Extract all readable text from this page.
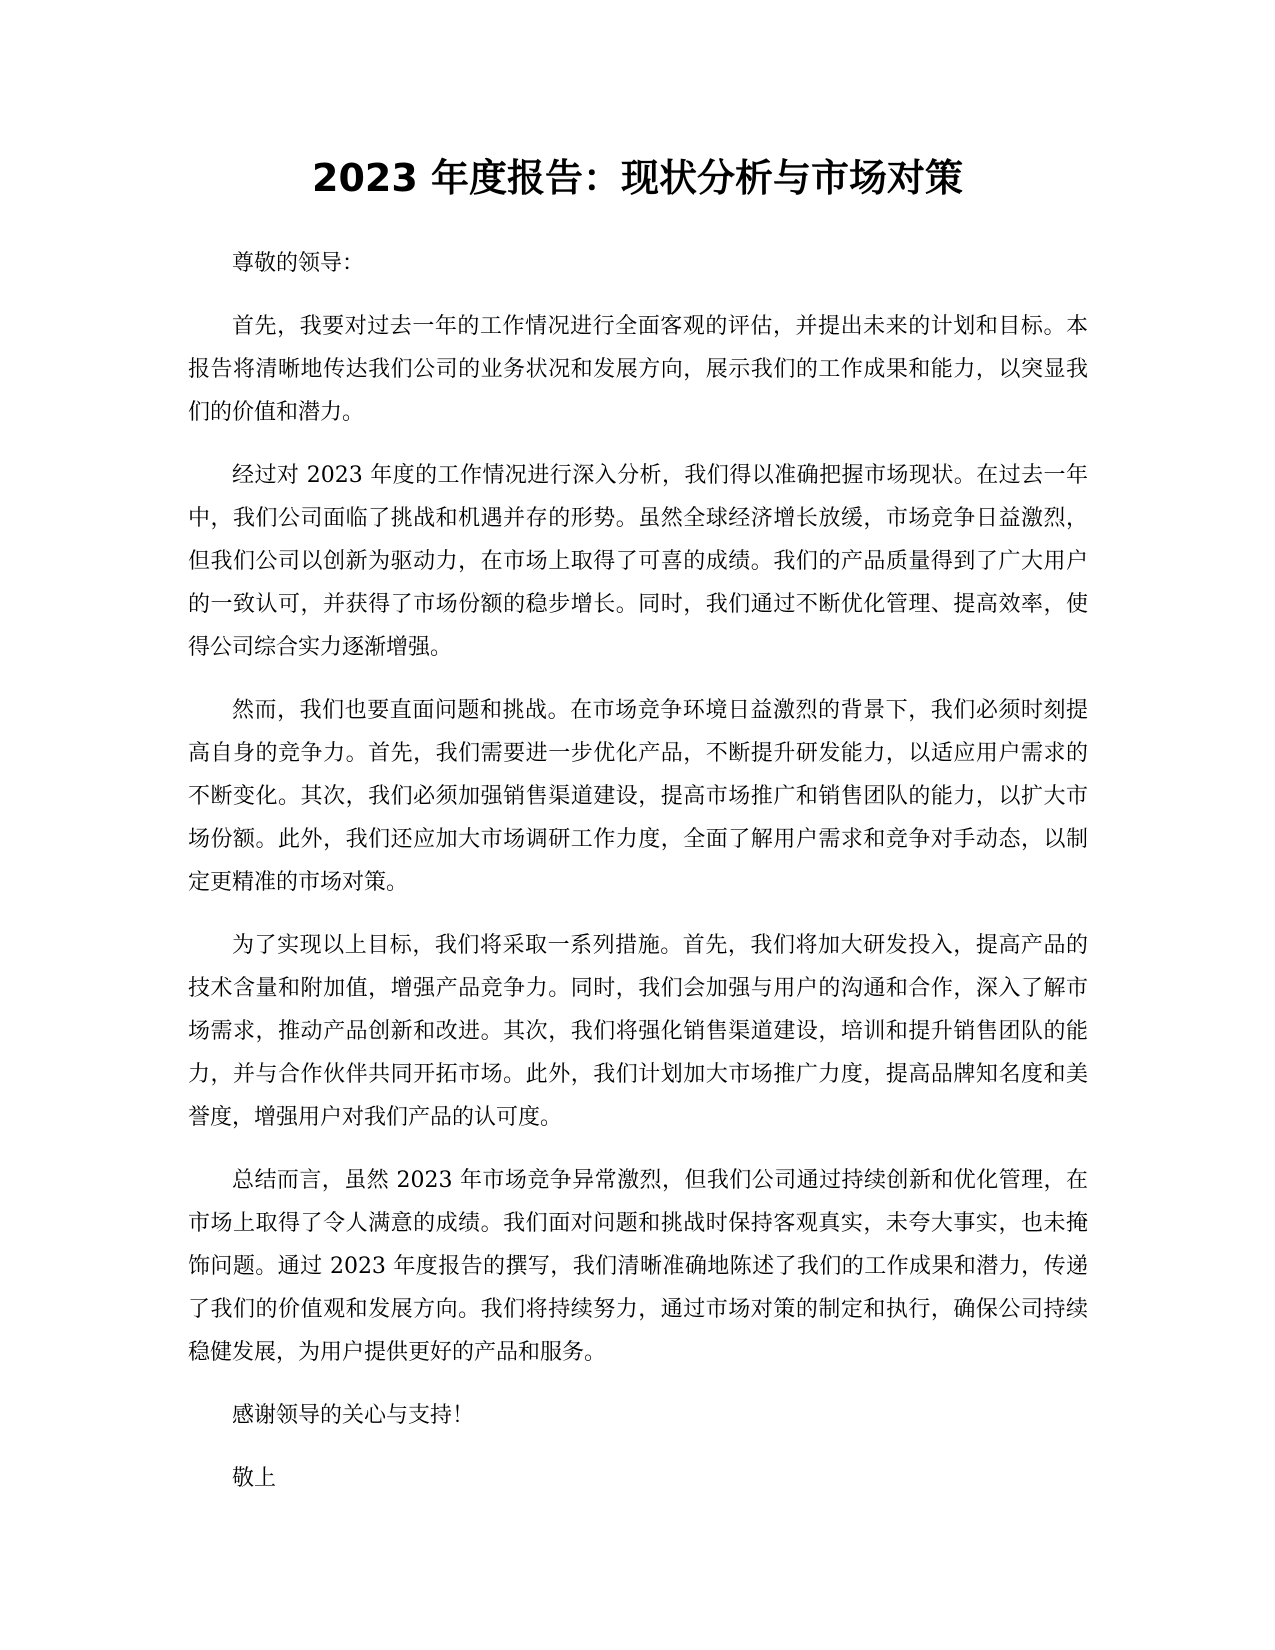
2023 年度报告：现状分析与市场对策

尊敬的领导：

首先，我要对过去一年的工作情况进行全面客观的评估，并提出未来的计划和目标。本报告将清晰地传达我们公司的业务状况和发展方向，展示我们的工作成果和能力，以突显我们的价值和潜力。

经过对 2023 年度的工作情况进行深入分析，我们得以准确把握市场现状。在过去一年中，我们公司面临了挑战和机遇并存的形势。虽然全球经济增长放缓，市场竞争日益激烈，但我们公司以创新为驱动力，在市场上取得了可喜的成绩。我们的产品质量得到了广大用户的一致认可，并获得了市场份额的稳步增长。同时，我们通过不断优化管理、提高效率，使得公司综合实力逐渐增强。

然而，我们也要直面问题和挑战。在市场竞争环境日益激烈的背景下，我们必须时刻提高自身的竞争力。首先，我们需要进一步优化产品，不断提升研发能力，以适应用户需求的不断变化。其次，我们必须加强销售渠道建设，提高市场推广和销售团队的能力，以扩大市场份额。此外，我们还应加大市场调研工作力度，全面了解用户需求和竞争对手动态，以制定更精准的市场对策。

为了实现以上目标，我们将采取一系列措施。首先，我们将加大研发投入，提高产品的技术含量和附加值，增强产品竞争力。同时，我们会加强与用户的沟通和合作，深入了解市场需求，推动产品创新和改进。其次，我们将强化销售渠道建设，培训和提升销售团队的能力，并与合作伙伴共同开拓市场。此外，我们计划加大市场推广力度，提高品牌知名度和美誉度，增强用户对我们产品的认可度。

总结而言，虽然 2023 年市场竞争异常激烈，但我们公司通过持续创新和优化管理，在市场上取得了令人满意的成绩。我们面对问题和挑战时保持客观真实，未夸大事实，也未掩饰问题。通过 2023 年度报告的撰写，我们清晰准确地陈述了我们的工作成果和潜力，传递了我们的价值观和发展方向。我们将持续努力，通过市场对策的制定和执行，确保公司持续稳健发展，为用户提供更好的产品和服务。

感谢领导的关心与支持！

敬上
